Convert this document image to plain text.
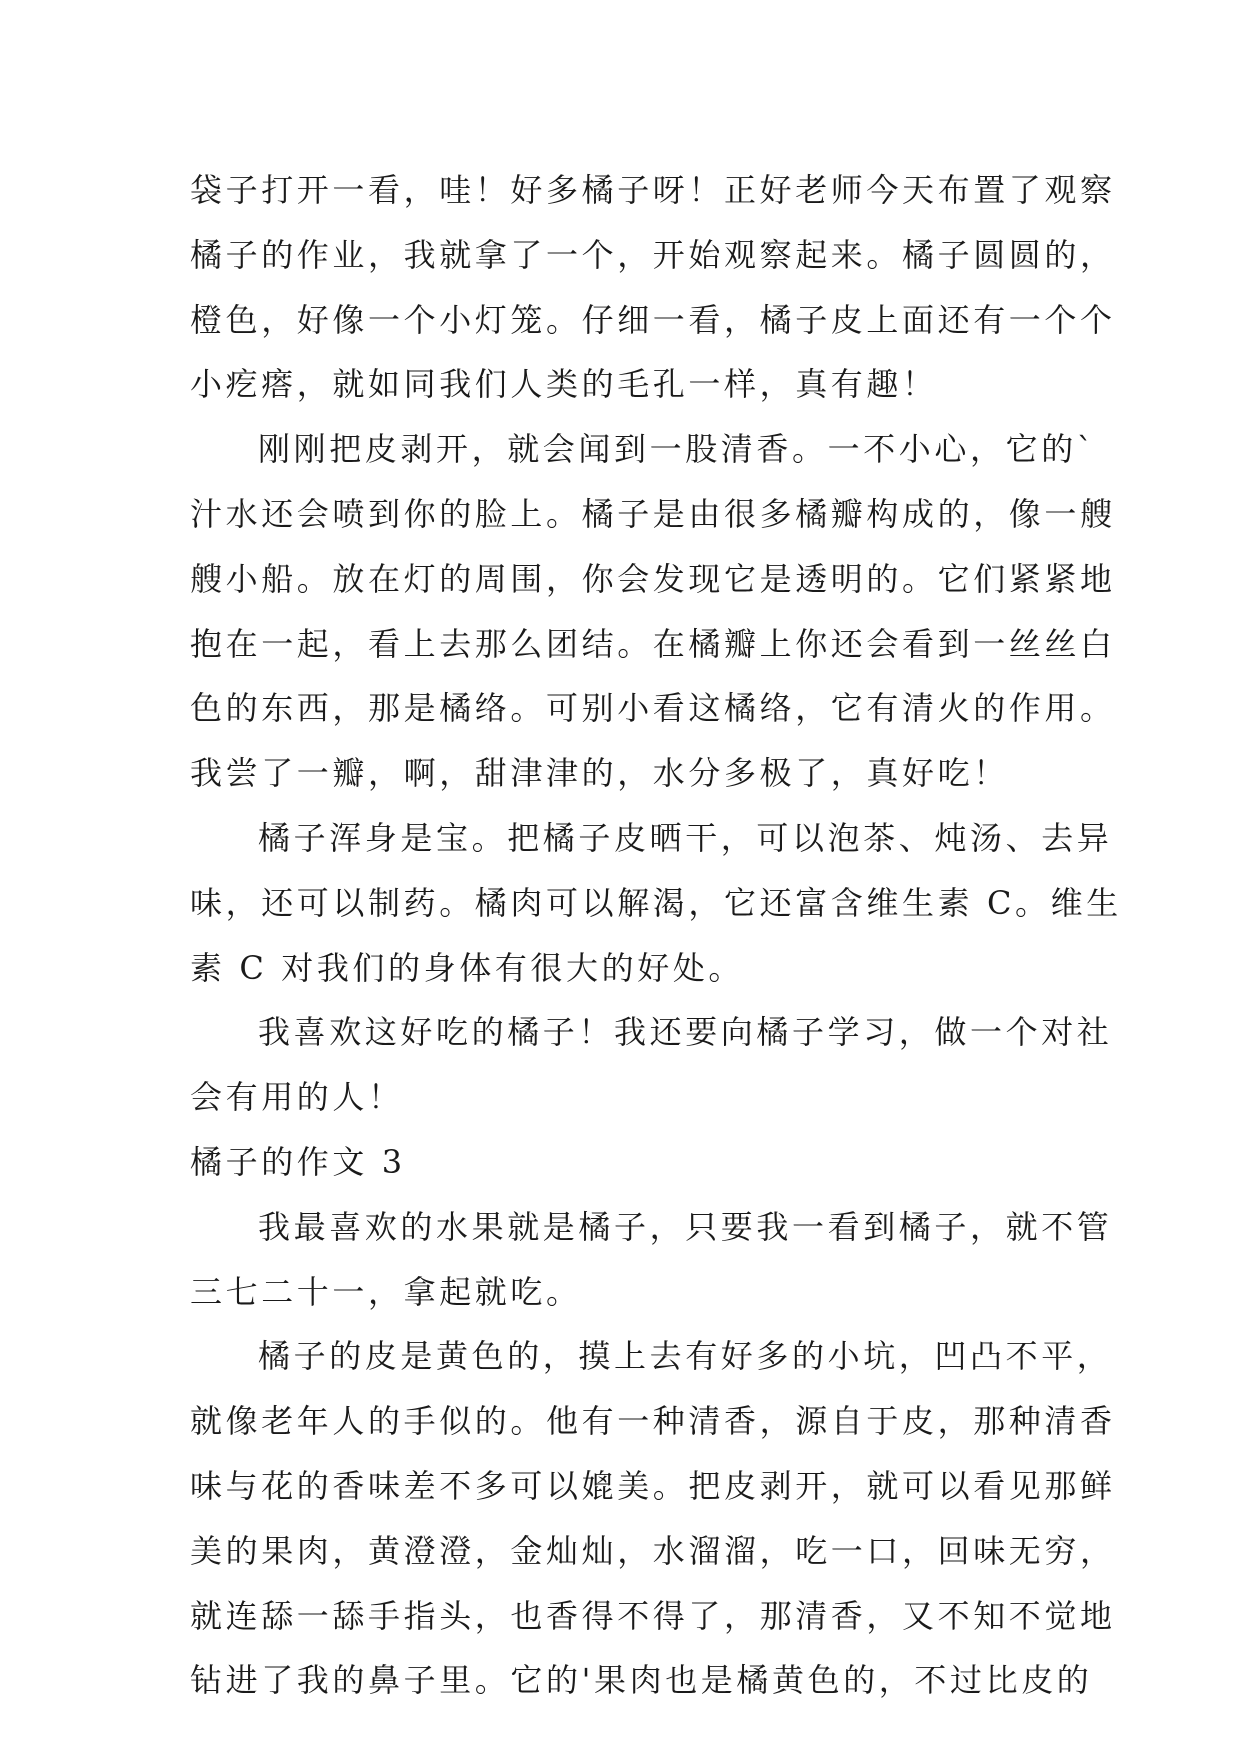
袋子打开一看，哇！好多橘子呀！正好老师今天布置了观察
橘子的作业，我就拿了一个，开始观察起来。橘子圆圆的，
橙色，好像一个小灯笼。仔细一看，橘子皮上面还有一个个
小疙瘩，就如同我们人类的毛孔一样，真有趣！
刚刚把皮剥开，就会闻到一股清香。一不小心，它的`
汁水还会喷到你的脸上。橘子是由很多橘瓣构成的，像一艘
艘小船。放在灯的周围，你会发现它是透明的。它们紧紧地
抱在一起，看上去那么团结。在橘瓣上你还会看到一丝丝白
色的东西，那是橘络。可别小看这橘络，它有清火的作用。
我尝了一瓣，啊，甜津津的，水分多极了，真好吃！
橘子浑身是宝。把橘子皮晒干，可以泡茶、炖汤、去异
味，还可以制药。橘肉可以解渴，它还富含维生素 C。维生
素 C 对我们的身体有很大的好处。
我喜欢这好吃的橘子！我还要向橘子学习，做一个对社
会有用的人！
橘子的作文 3
我最喜欢的水果就是橘子，只要我一看到橘子，就不管
三七二十一，拿起就吃。
橘子的皮是黄色的，摸上去有好多的小坑，凹凸不平，
就像老年人的手似的。他有一种清香，源自于皮，那种清香
味与花的香味差不多可以媲美。把皮剥开，就可以看见那鲜
美的果肉，黄澄澄，金灿灿，水溜溜，吃一口，回味无穷，
就连舔一舔手指头，也香得不得了，那清香，又不知不觉地
钻进了我的鼻子里。它的'果肉也是橘黄色的，不过比皮的
